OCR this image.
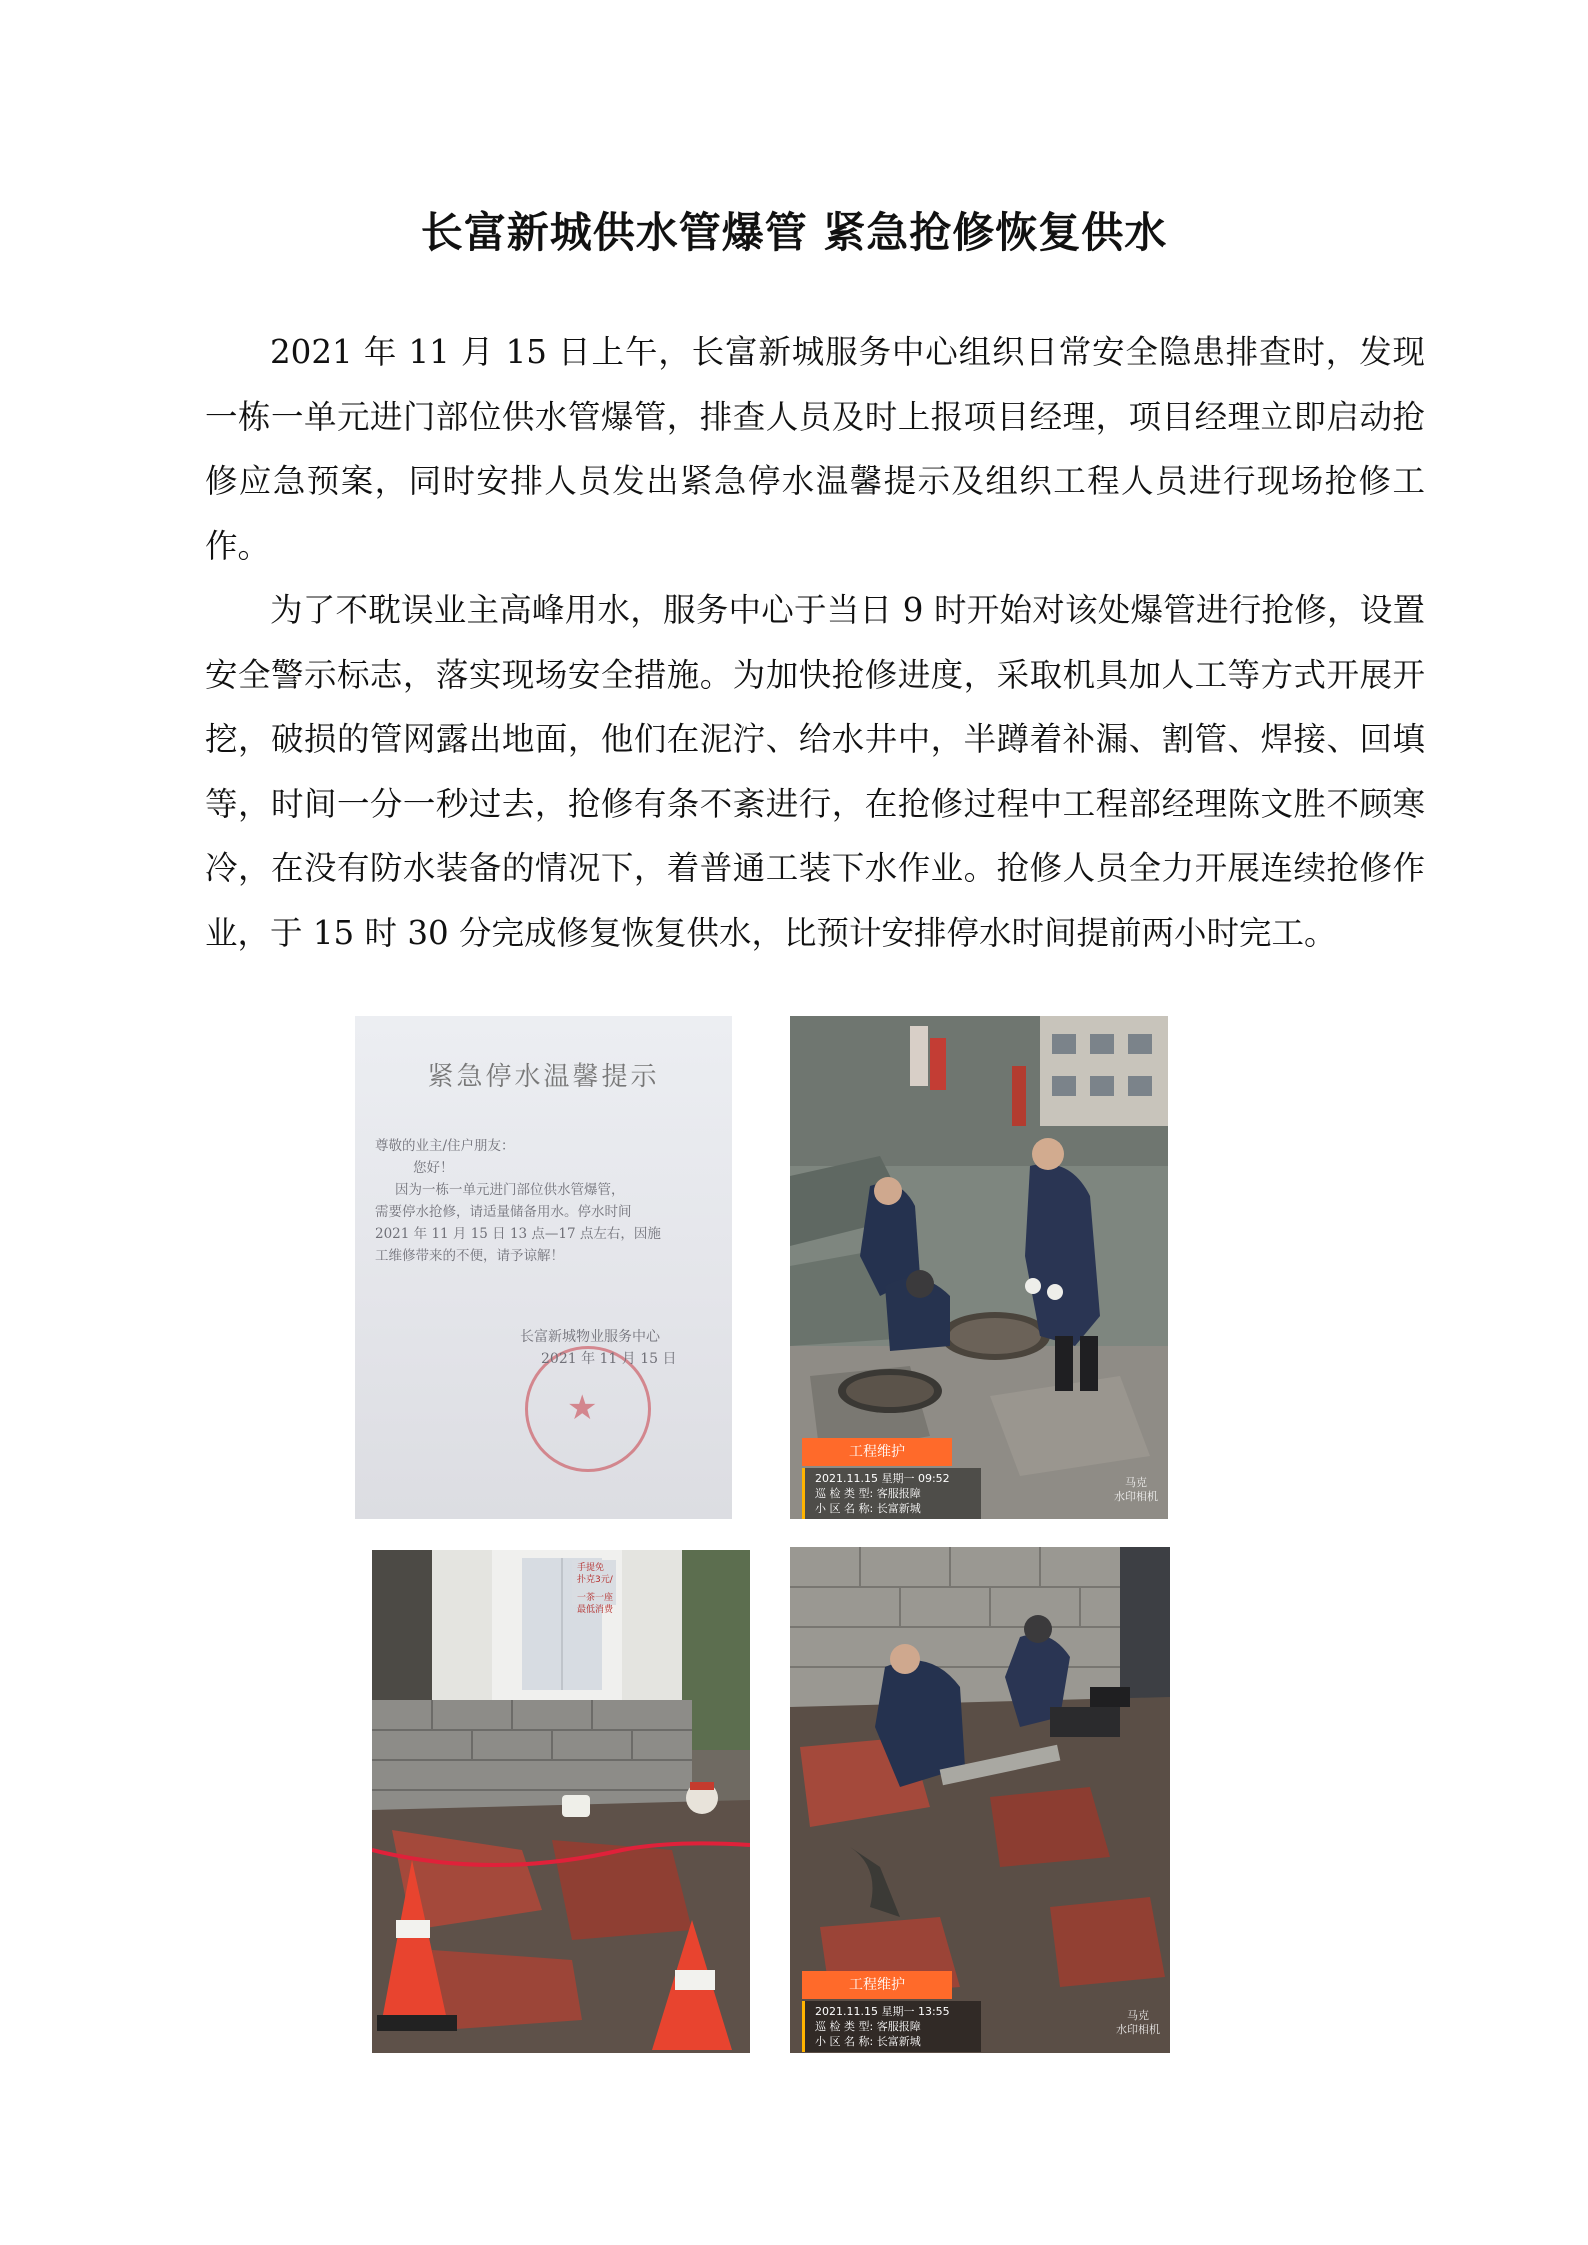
长富新城供水管爆管 紧急抢修恢复供水

2021 年 11 月 15 日上午，长富新城服务中心组织日常安全隐患排查时，发现一栋一单元进门部位供水管爆管，排查人员及时上报项目经理，项目经理立即启动抢修应急预案，同时安排人员发出紧急停水温馨提示及组织工程人员进行现场抢修工作。

为了不耽误业主高峰用水，服务中心于当日 9 时开始对该处爆管进行抢修，设置安全警示标志，落实现场安全措施。为加快抢修进度，采取机具加人工等方式开展开挖，破损的管网露出地面，他们在泥泞、给水井中，半蹲着补漏、割管、焊接、回填等，时间一分一秒过去，抢修有条不紊进行，在抢修过程中工程部经理陈文胜不顾寒冷，在没有防水装备的情况下，着普通工装下水作业。抢修人员全力开展连续抢修作业，于 15 时 30 分完成修复恢复供水，比预计安排停水时间提前两小时完工。

紧急停水温馨提示
尊敬的业主/住户朋友：
您好！
因为一栋一单元进门部位供水管爆管，
需要停水抢修，请适量储备用水。停水时间
2021 年 11 月 15 日 13 点—17 点左右，因施
工维修带来的不便，请予谅解！
★
长富新城物业服务中心
2021 年 11 月 15 日
工程维护
2021.11.15 星期一 09:52
巡 检 类 型: 客服报障
小 区 名 称: 长富新城
马克
水印相机
手提免
扑克3元/
一茶一座
最低消费
工程维护
2021.11.15 星期一 13:55
巡 检 类 型: 客服报障
小 区 名 称: 长富新城
马克
水印相机
